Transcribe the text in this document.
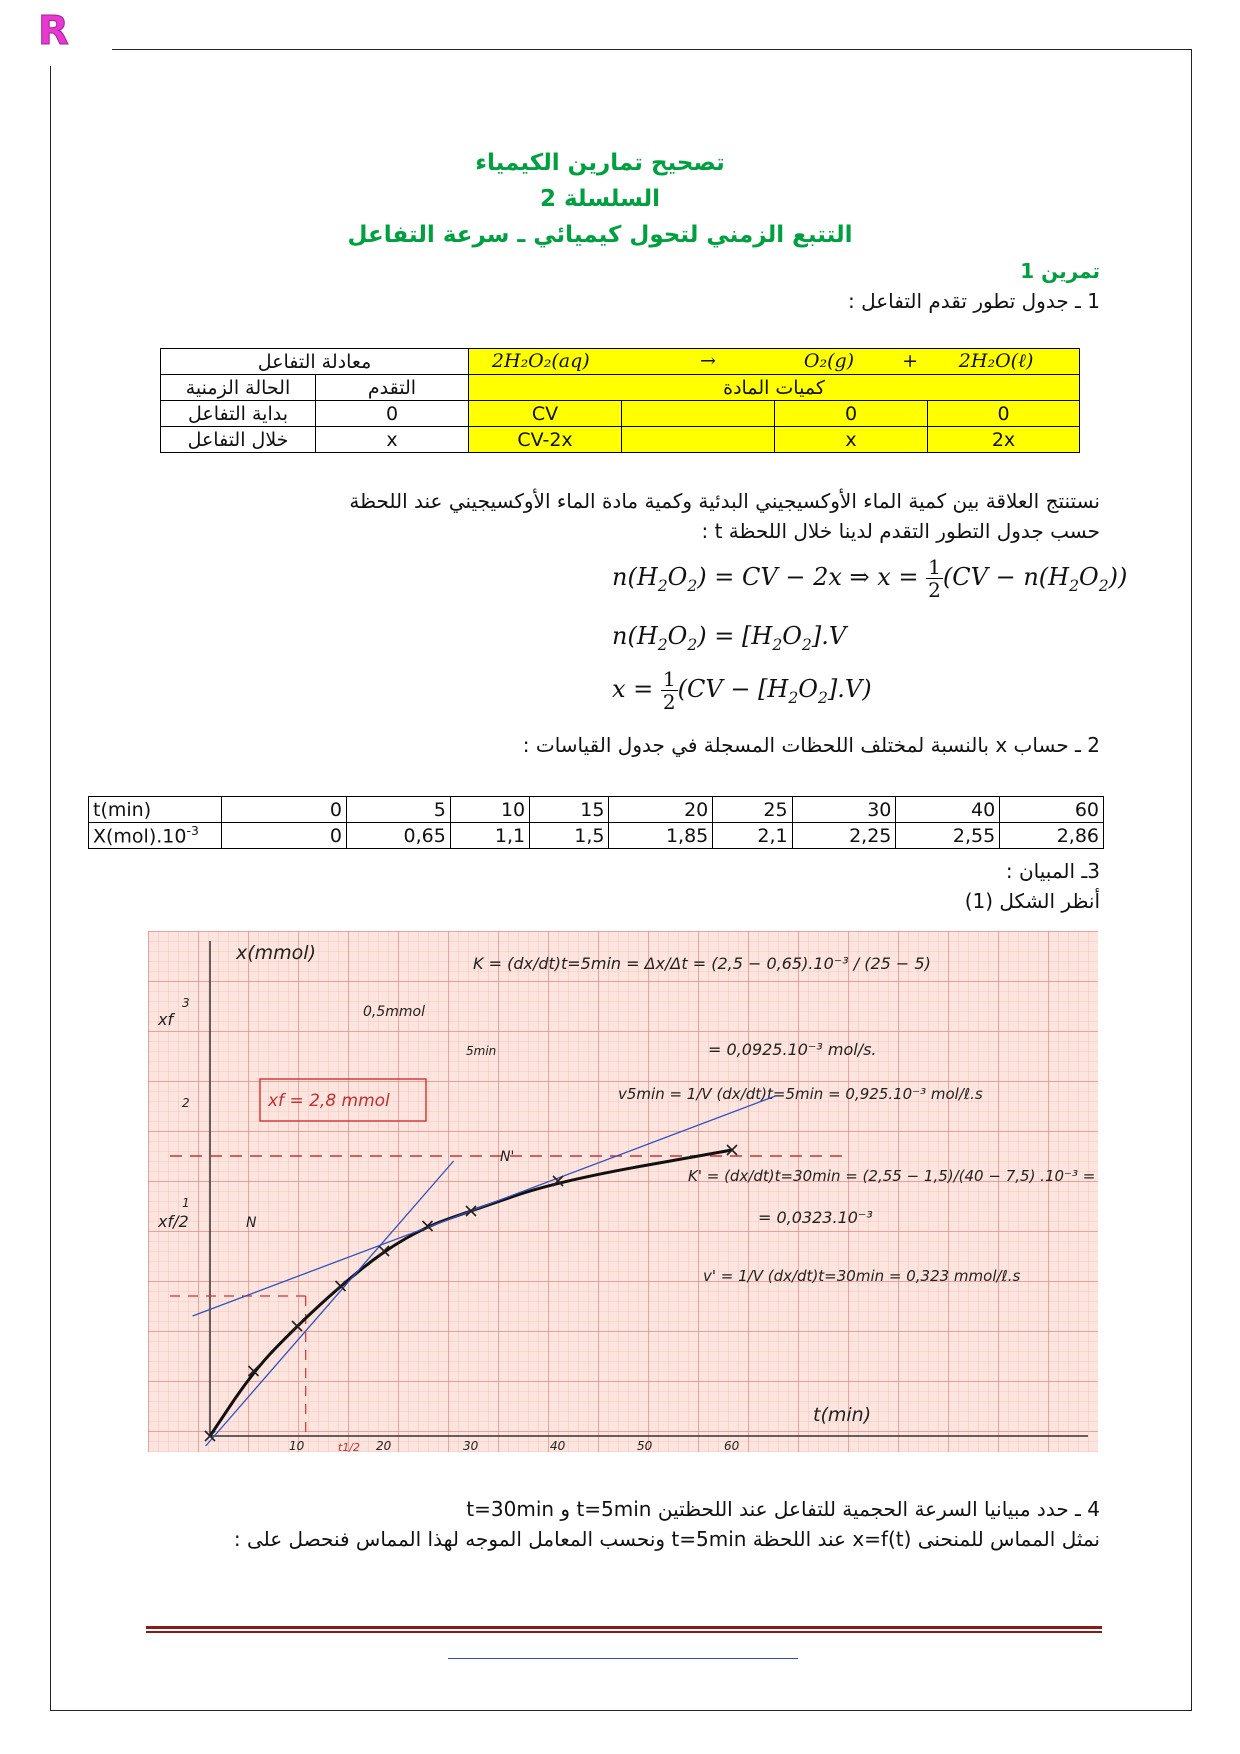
R
تصحيح تمارين الكيمياء
السلسلة 2
التتبع الزمني لتحول كيميائي ـ سرعة التفاعل
تمرين 1
1 ـ جدول تطور تقدم التفاعل :
معادلة التفاعل		2H₂O₂(aq) → O₂(g) + 2H₂O(ℓ)			
الحالة الزمنية	التقدم	كميات المادة			
بداية التفاعل	0	CV		0	0
خلال التفاعل	x	CV-2x		x	2x
نستنتج العلاقة بين كمية الماء الأوكسيجيني البدئية وكمية مادة الماء الأوكسيجيني عند اللحظة
حسب جدول التطور التقدم لدينا خلال اللحظة t :
$n(H_2O_2)$ = CV − 2x ⇒ $x = \frac{1}{2} (CV - n(H_2O_2))$
$n(H_2O_2) = [H_2O_2].V$
$x = \frac{1}{2} (CV - [H_2O_2].V)$
2 ـ حساب x بالنسبة لمختلف اللحظات المسجلة في جدول القياسات :
t(min)	0	5	10	15	20	25	30	40	60
$X(mol).10^{-3}$	0	0,65	1,1	1,5	1,85	2,1	2,25	2,55	2,86
3ـ المبيان :
أنظر الشكل (1)
10	20	30	40	50	60
x(mmol)
t(min)
0,5mmol
5min
xf = 2,8 mmol
xf
xf/2
3
2
1
t1/2
K = (dx/dt)t=5min = Δx/Δt = (2,5 − 0,65).10⁻³ / (25 − 5)
= 0,0925.10⁻³ mol/s.
v5min = 1/V (dx/dt)t=5min = 0,925.10⁻³ mol/ℓ.s
K' = (dx/dt)t=30min = (2,55 − 1,5)/(40 − 7,5) .10⁻³ =
= 0,0323.10⁻³
v' = 1/V (dx/dt)t=30min = 0,323 mmol/ℓ.s
N
N'
4 ـ حدد مبيانيا السرعة الحجمية للتفاعل عند اللحظتين t=5min و t=30min
نمثل المماس للمنحنى x=f(t) عند اللحظة t=5min ونحسب المعامل الموجه لهذا المماس فنحصل على :
